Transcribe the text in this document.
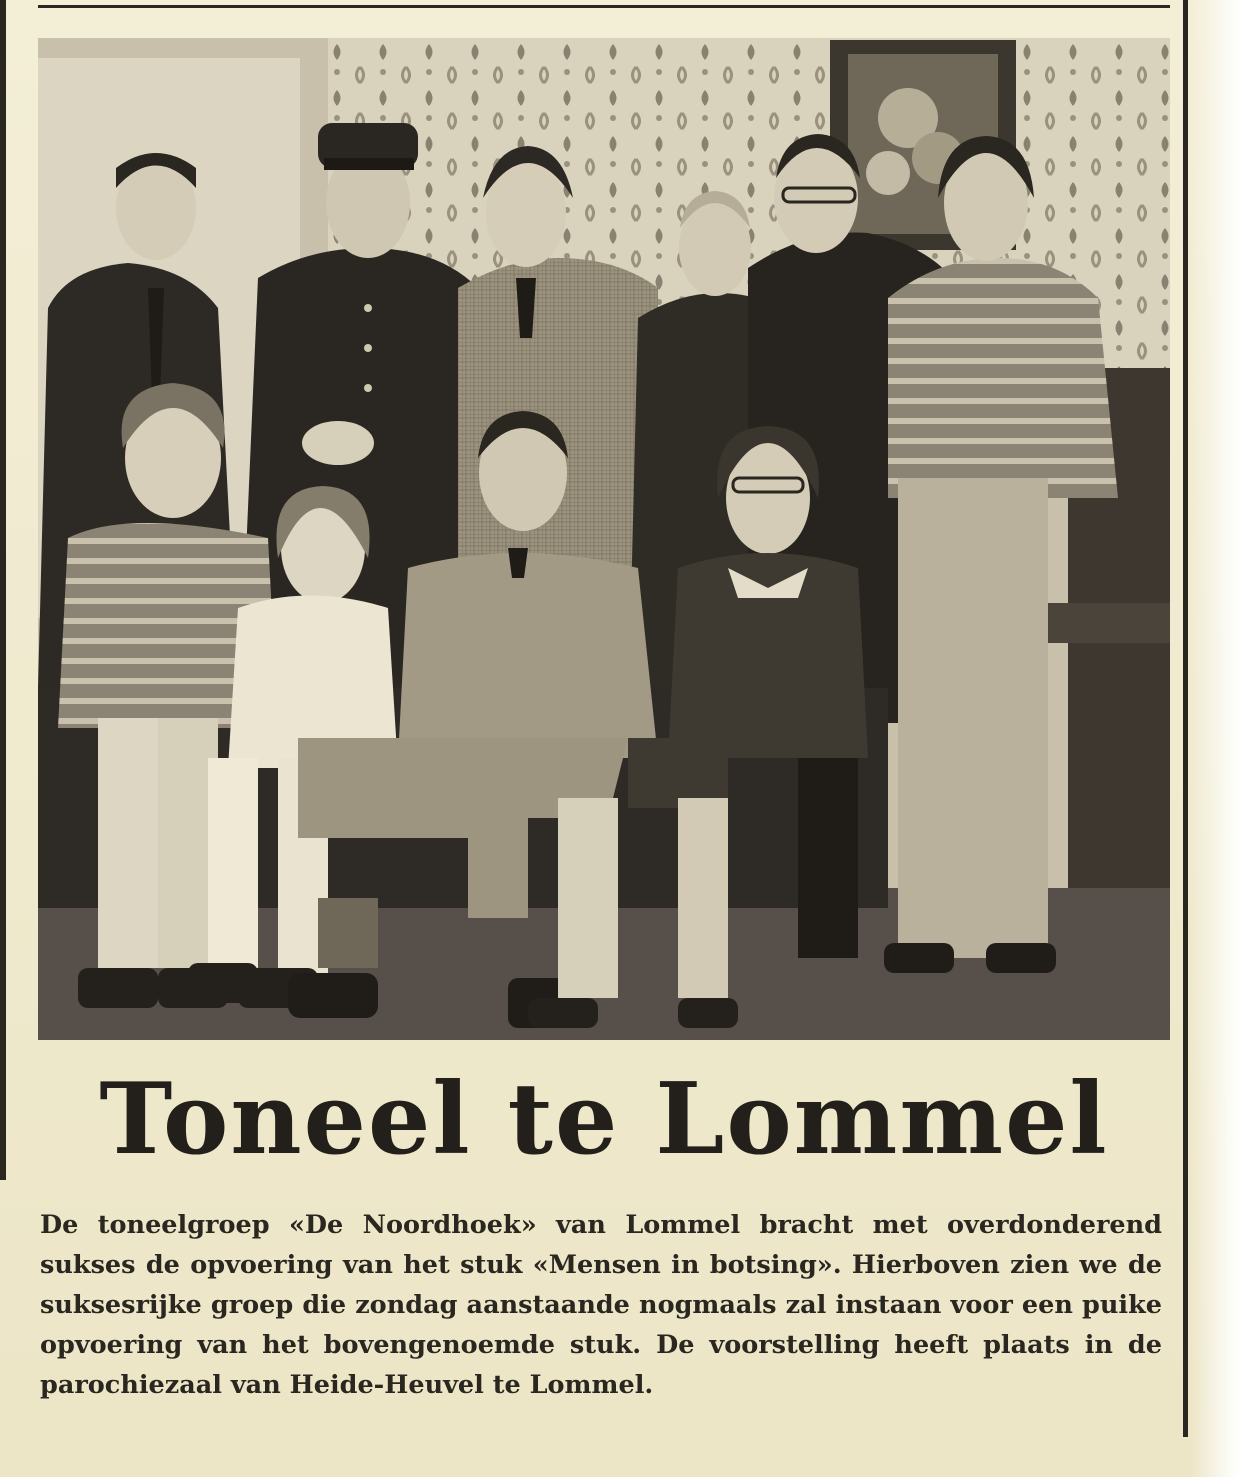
Toneel te Lommel

De toneelgroep «De Noordhoek» van Lommel bracht met overdonderend sukses de opvoering van het stuk «Mensen in botsing». Hierboven zien we de suksesrijke groep die zondag aanstaande nogmaals zal instaan voor een puike opvoering van het bovengenoemde stuk. De voorstelling heeft plaats in de parochiezaal van Heide-Heuvel te Lommel.
